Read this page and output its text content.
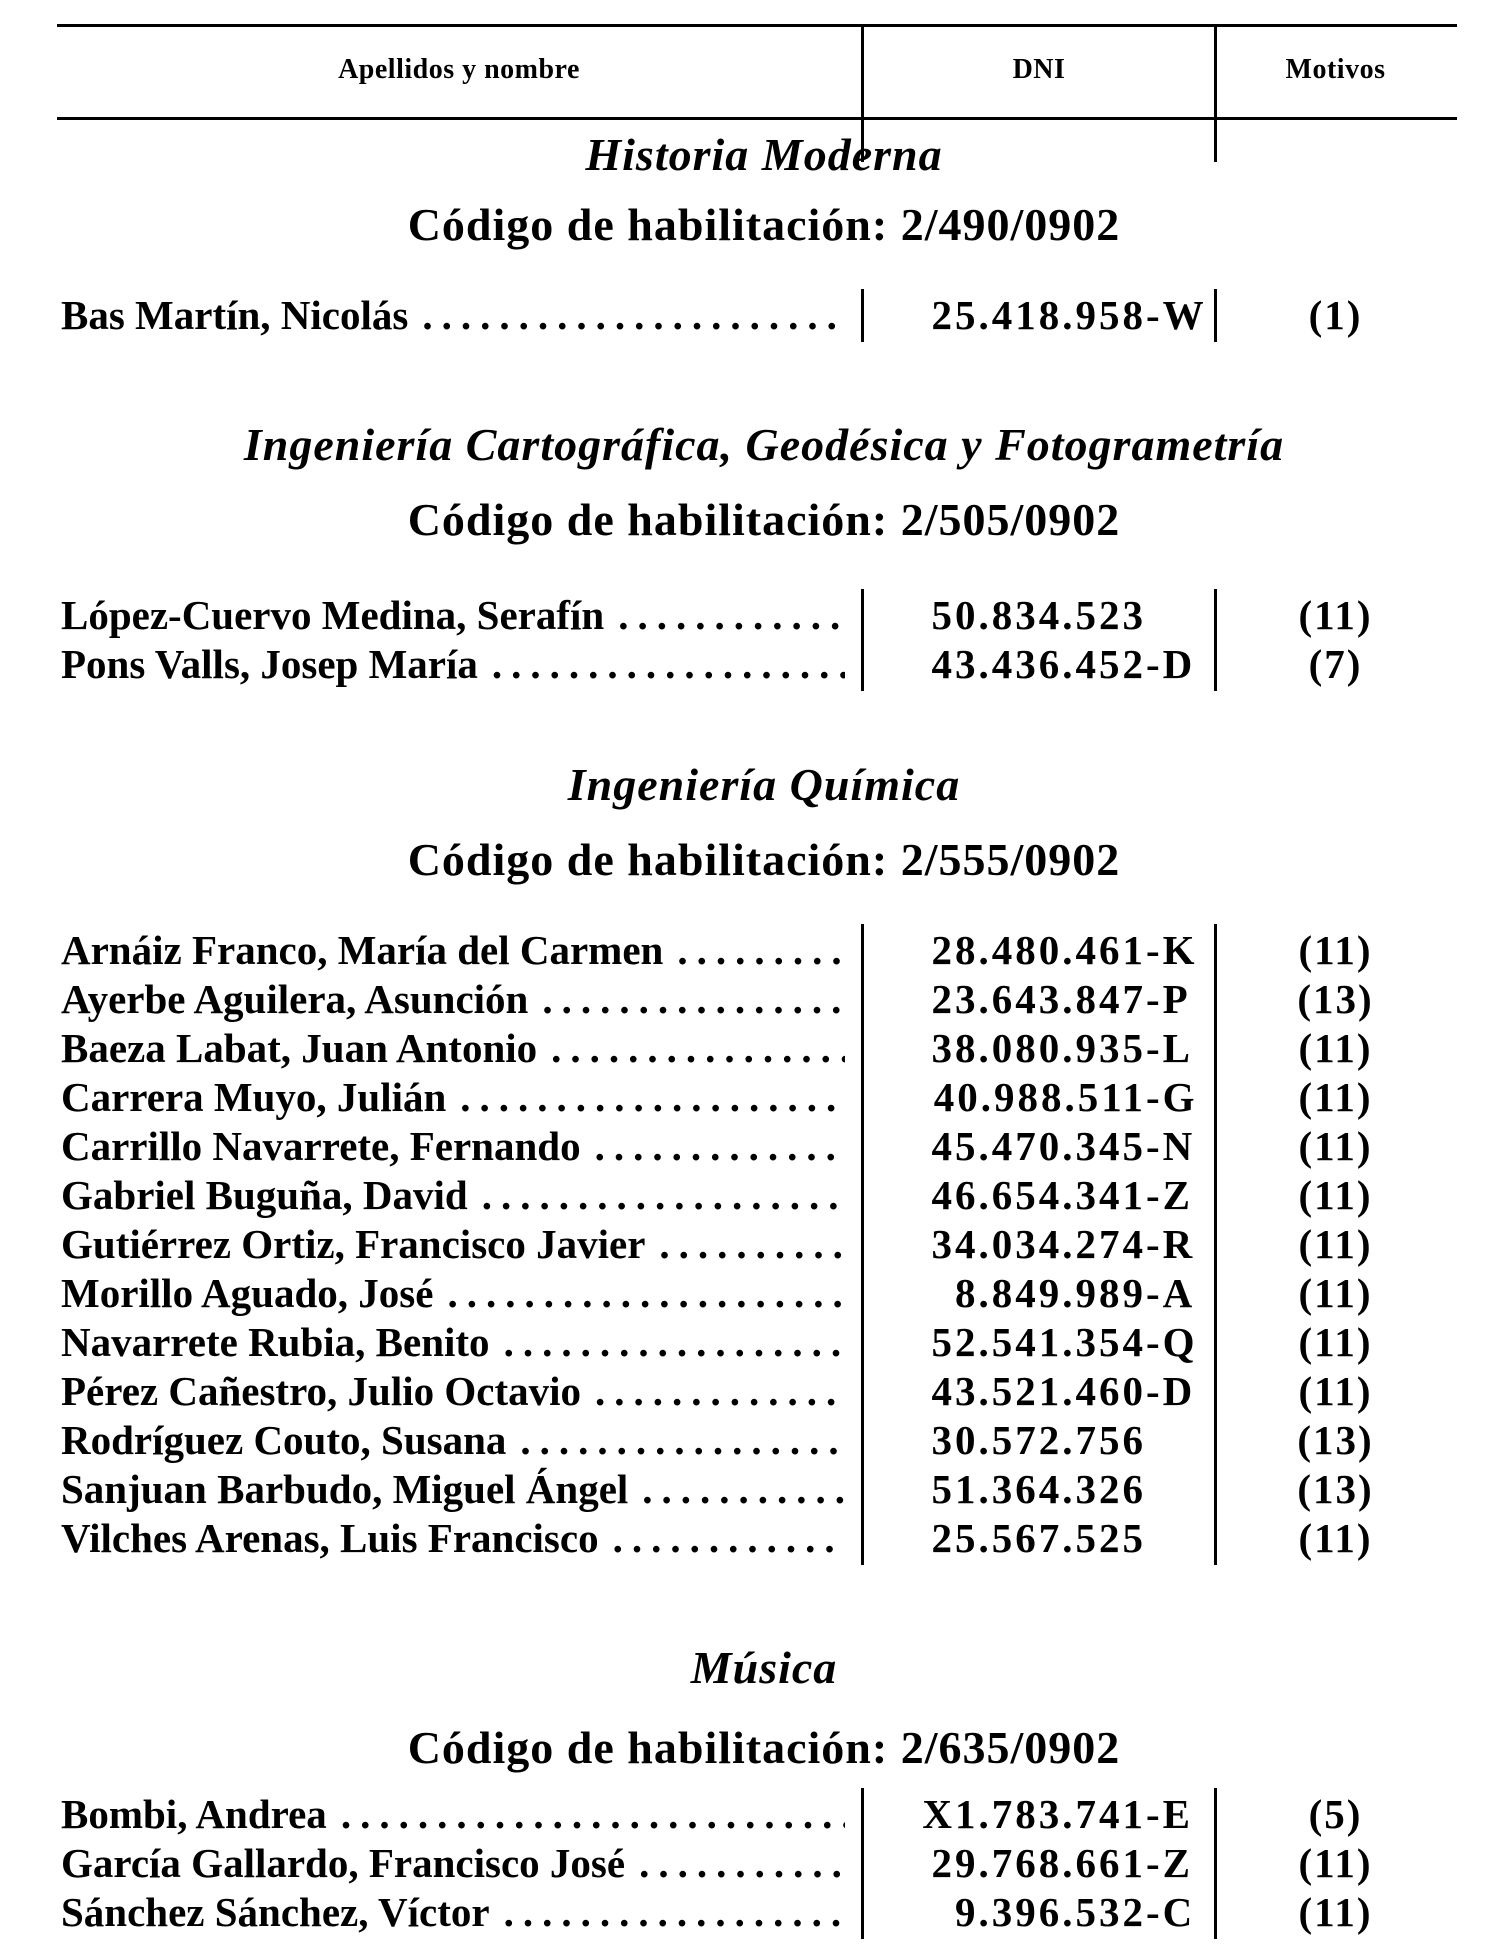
Apellidos y nombre	DNI	Motivos
Historia Moderna
Código de habilitación: 2/490/0902
Bas Martín, Nicolás .....	25.418.958 -W	(1)
Ingeniería Cartográfica, Geodésica y Fotogrametría
Código de habilitación: 2/505/0902
López-Cuervo Medina, Serafín .....	50.834.523	(11)
Pons Valls, Josep María .....	43.436.452 -D	(7)
Ingeniería Química
Código de habilitación: 2/555/0902
Arnáiz Franco, María del Carmen .....	28.480.461 -K	(11)
Ayerbe Aguilera, Asunción .....	23.643.847 -P	(13)
Baeza Labat, Juan Antonio .....	38.080.935 -L	(11)
Carrera Muyo, Julián .....	40.988.511 -G	(11)
Carrillo Navarrete, Fernando .....	45.470.345 -N	(11)
Gabriel Buguña, David .....	46.654.341 -Z	(11)
Gutiérrez Ortiz, Francisco Javier .....	34.034.274 -R	(11)
Morillo Aguado, José .....	8.849.989 -A	(11)
Navarrete Rubia, Benito .....	52.541.354 -Q	(11)
Pérez Cañestro, Julio Octavio .....	43.521.460 -D	(11)
Rodríguez Couto, Susana .....	30.572.756	(13)
Sanjuan Barbudo, Miguel Ángel .....	51.364.326	(13)
Vilches Arenas, Luis Francisco .....	25.567.525	(11)
Música
Código de habilitación: 2/635/0902
Bombi, Andrea .....	X1.783.741 -E	(5)
García Gallardo, Francisco José .....	29.768.661 -Z	(11)
Sánchez Sánchez, Víctor .....	9.396.532 -C	(11)
